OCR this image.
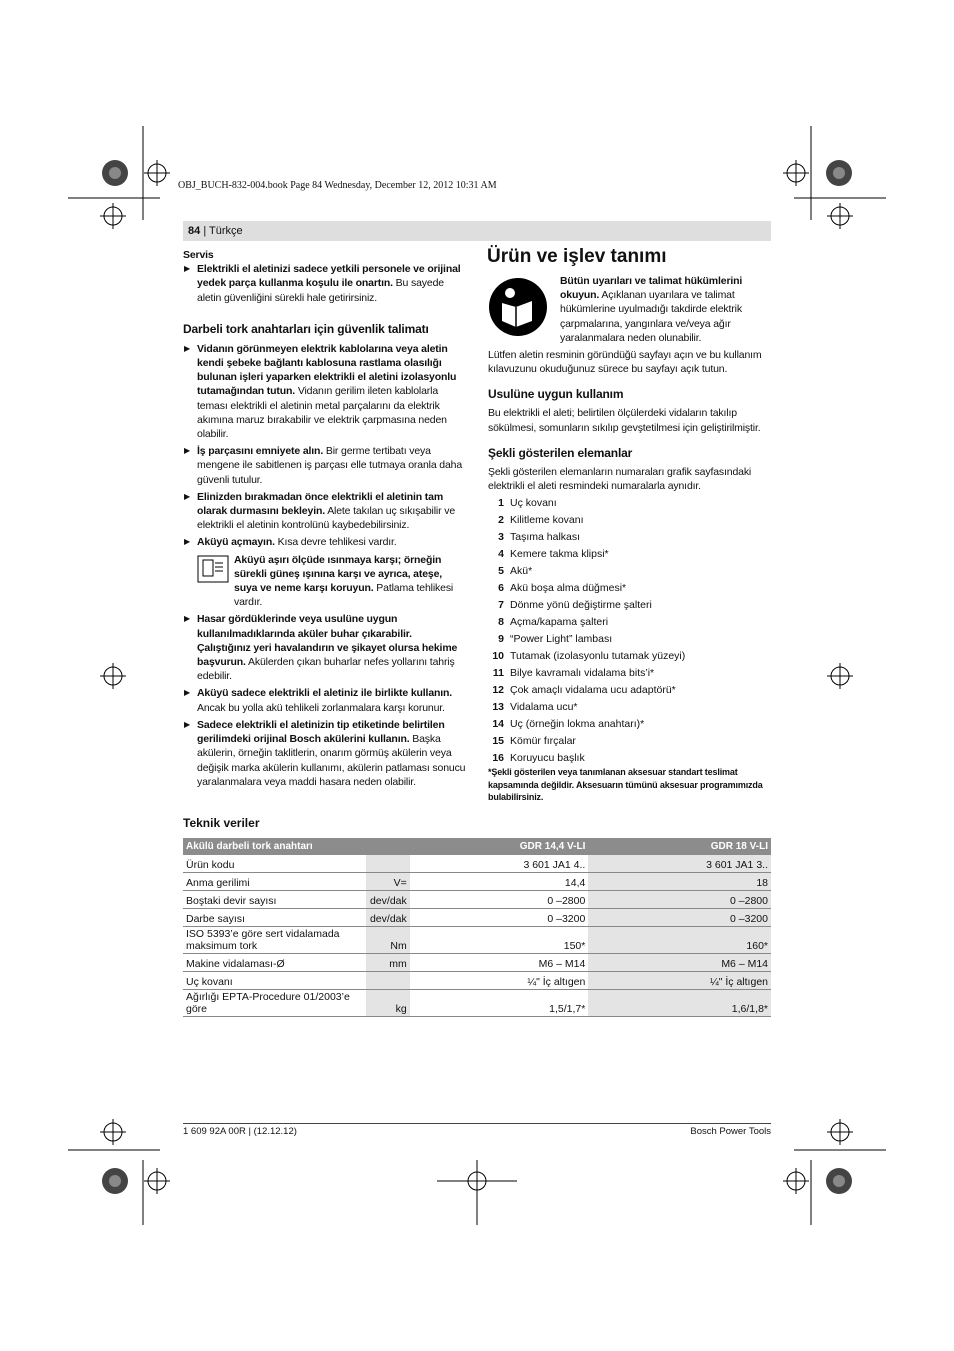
OBJ_BUCH-832-004.book Page 84 Wednesday, December 12, 2012 10:31 AM
84 | Türkçe

Servis

▶ Elektrikli el aletinizi sadece yetkili personele ve orijinal yedek parça kullanma koşulu ile onartın. Bu sayede aletin güvenliğini sürekli hale getirirsiniz.

Darbeli tork anahtarları için güvenlik talimatı

▶ Vidanın görünmeyen elektrik kablolarına veya aletin kendi şebeke bağlantı kablosuna rastlama olasılığı bulunan işleri yaparken elektrikli el aletini izolasyonlu tutamağından tutun. Vidanın gerilim ileten kablolarla teması elektrikli el aletinin metal parçalarını da elektrik akımına maruz bırakabilir ve elektrik çarpmasına neden olabilir.

▶ İş parçasını emniyete alın. Bir germe tertibatı veya mengene ile sabitlenen iş parçası elle tutmaya oranla daha güvenli tutulur.

▶ Elinizden bırakmadan önce elektrikli el aletinin tam olarak durmasını bekleyin. Alete takılan uç sıkışabilir ve elektrikli el aletinin kontrolünü kaybedebilirsiniz.

▶ Aküyü açmayın. Kısa devre tehlikesi vardır.

Aküyü aşırı ölçüde ısınmaya karşı; örneğin sürekli güneş ışınına karşı ve ayrıca, ateşe, suya ve neme karşı koruyun. Patlama tehlikesi vardır.

▶ Hasar gördüklerinde veya usulüne uygun kullanılmadıklarında aküler buhar çıkarabilir. Çalıştığınız yeri havalandırın ve şikayet olursa hekime başvurun. Akülerden çıkan buharlar nefes yollarını tahriş edebilir.

▶ Aküyü sadece elektrikli el aletiniz ile birlikte kullanın. Ancak bu yolla akü tehlikeli zorlanmalara karşı korunur.

▶ Sadece elektrikli el aletinizin tip etiketinde belirtilen gerilimdeki orijinal Bosch akülerini kullanın. Başka akülerin, örneğin taklitlerin, onarım görmüş akülerin veya değişik marka akülerin kullanımı, akülerin patlaması sonucu yaralanmalara veya maddi hasara neden olabilir.

Ürün ve işlev tanımı

Bütün uyarıları ve talimat hükümlerini okuyun. Açıklanan uyarılara ve talimat hükümlerine uyulmadığı takdirde elektrik çarpmalarına, yangınlara ve/veya ağır yaralanmalara neden olunabilir.

Lütfen aletin resminin göründüğü sayfayı açın ve bu kullanım kılavuzunu okuduğunuz sürece bu sayfayı açık tutun.

Usulüne uygun kullanım

Bu elektrikli el aleti; belirtilen ölçülerdeki vidaların takılıp sökülmesi, somunların sıkılıp gevştetilmesi için geliştirilmiştir.

Şekli gösterilen elemanlar

Şekli gösterilen elemanların numaraları grafik sayfasındaki elektrikli el aleti resmindeki numaralarla aynıdır.

1 Uç kovanı
2 Kilitleme kovanı
3 Taşıma halkası
4 Kemere takma klipsi*
5 Akü*
6 Akü boşa alma düğmesi*
7 Dönme yönü değiştirme şalteri
8 Açma/kapama şalteri
9 “Power Light” lambası
10 Tutamak (izolasyonlu tutamak yüzeyi)
11 Bilye kavramalı vidalama bits’i*
12 Çok amaçlı vidalama ucu adaptörü*
13 Vidalama ucu*
14 Uç (örneğin lokma anahtarı)*
15 Kömür fırçalar
16 Koruyucu başlık
*Şekli gösterilen veya tanımlanan aksesuar standart teslimat kapsamında değildir. Aksesuarın tümünü aksesuar programımızda bulabilirsiniz.
Teknik veriler
Akülü darbeli tork anahtarı		GDR 14,4 V-LI	GDR 18 V-LI
Ürün kodu		3 601 JA1 4..	3 601 JA1 3..
Anma gerilimi	V=	14,4	18
Boştaki devir sayısı	dev/dak	0 –2800	0 –2800
Darbe sayısı	dev/dak	0 –3200	0 –3200
ISO 5393’e göre sert vidalamada maksimum tork	Nm	150*	160*
Makine vidalaması-Ø	mm	M6 – M14	M6 – M14
Uç kovanı		¼" İç altıgen	¼" İç altıgen
Ağırlığı EPTA-Procedure 01/2003’e göre	kg	1,5/1,7*	1,6/1,8*
1 609 92A 00R | (12.12.12)	Bosch Power Tools
